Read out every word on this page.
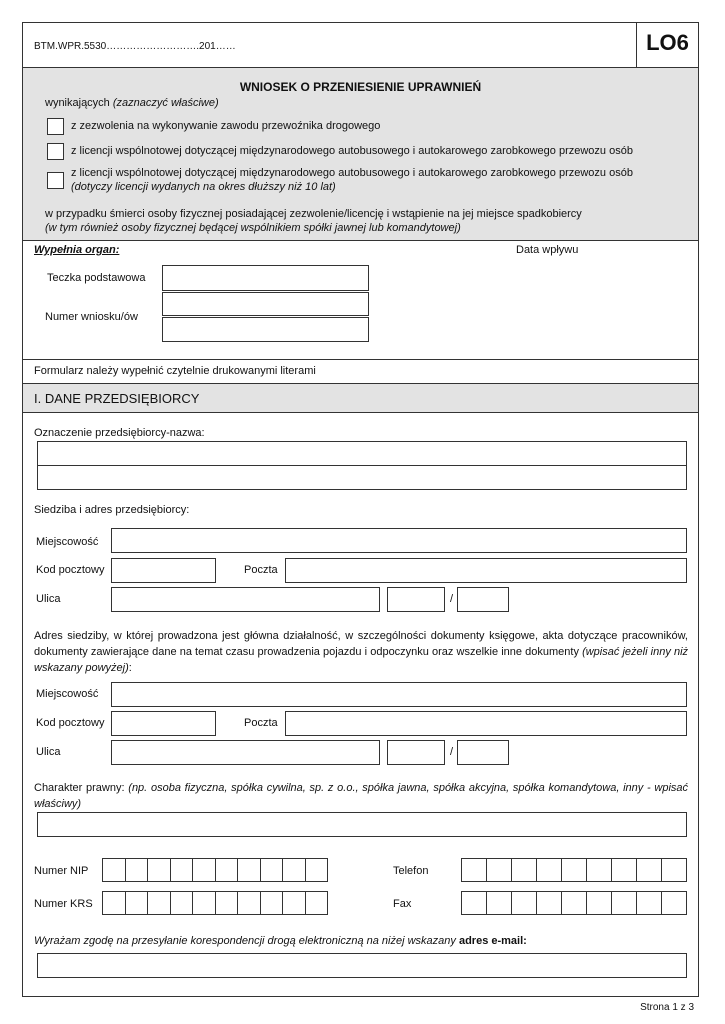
BTM.WPR.5530……………………….201……	LO6
WNIOSEK O PRZENIESIENIE UPRAWNIEŃ
wynikających (zaznaczyć właściwe)
z zezwolenia na wykonywanie zawodu przewoźnika drogowego
z licencji wspólnotowej dotyczącej międzynarodowego autobusowego i autokarowego zarobkowego przewozu osób
z licencji wspólnotowej dotyczącej międzynarodowego autobusowego i autokarowego zarobkowego przewozu osób
(dotyczy licencji wydanych na okres dłuższy niż 10 lat)
w przypadku śmierci osoby fizycznej posiadającej zezwolenie/licencję i wstąpienie na jej miejsce spadkobiercy
(w tym również osoby fizycznej będącej wspólnikiem spółki jawnej lub komandytowej)
Wypełnia organ:	Data wpływu
Teczka podstawowa
Numer wniosku/ów
Formularz należy wypełnić czytelnie drukowanymi literami
I. DANE PRZEDSIĘBIORCY
Oznaczenie przedsiębiorcy-nazwa:
Siedziba i adres przedsiębiorcy:
Miejscowość
Kod pocztowy	Poczta
Ulica	/
Adres siedziby, w której prowadzona jest główna działalność, w szczególności dokumenty księgowe, akta dotyczące pracowników, dokumenty zawierające dane na temat czasu prowadzenia pojazdu i odpoczynku oraz wszelkie inne dokumenty (wpisać jeżeli inny niż wskazany powyżej):
Miejscowość
Kod pocztowy	Poczta
Ulica	/
Charakter prawny: (np. osoba fizyczna, spółka cywilna, sp. z o.o., spółka jawna, spółka akcyjna, spółka komandytowa, inny - wpisać właściwy)
Numer NIP	Telefon
Numer KRS	Fax
Wyrażam zgodę na przesyłanie korespondencji drogą elektroniczną na niżej wskazany adres e-mail:
Strona 1 z 3
